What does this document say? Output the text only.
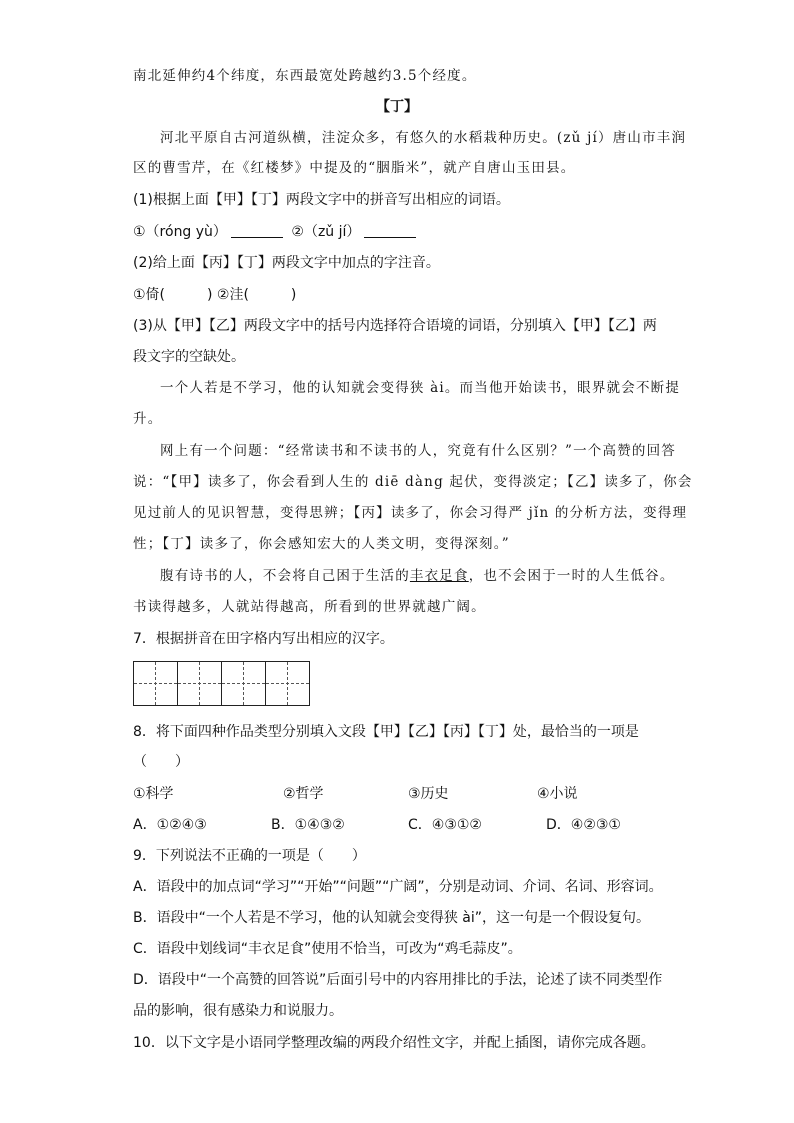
南北延伸约4个纬度，东西最宽处跨越约3.5个经度。
【丁】
河北平原自古河道纵横，洼淀众多，有悠久的水稻栽种历史。(zǔ jí）唐山市丰润
区的曹雪芹，在《红楼梦》中提及的“胭脂米”，就产自唐山玉田县。
(1)根据上面【甲】【丁】两段文字中的拼音写出相应的词语。
①（róng yù）	②（zǔ jí）
(2)给上面【丙】【丁】两段文字中加点的字注音。
①倚(　　　) ②洼(　　　)
(3)从【甲】【乙】两段文字中的括号内选择符合语境的词语，分别填入【甲】【乙】两
段文字的空缺处。
一个人若是不学习，他的认知就会变得狭 ài。而当他开始读书，眼界就会不断提
升。
网上有一个问题：“经常读书和不读书的人，究竟有什么区别？”一个高赞的回答
说：“【甲】读多了，你会看到人生的 diē dàng 起伏，变得淡定；【乙】读多了，你会
见过前人的见识智慧，变得思辨；【丙】读多了，你会习得严 jǐn 的分析方法，变得理
性；【丁】读多了，你会感知宏大的人类文明，变得深刻。”
腹有诗书的人，不会将自己困于生活的丰衣足食，也不会困于一时的人生低谷。
书读得越多，人就站得越高，所看到的世界就越广阔。
7．根据拼音在田字格内写出相应的汉字。
8．将下面四种作品类型分别填入文段【甲】【乙】【丙】【丁】处，最恰当的一项是
（　　）
①科学	②哲学	③历史	④小说
A．①②④③	B．①④③②	C．④③①②	D．④②③①
9．下列说法不正确的一项是（　　）
A．语段中的加点词“学习”“开始”“问题”“广阔”，分别是动词、介词、名词、形容词。
B．语段中“一个人若是不学习，他的认知就会变得狭 ài”，这一句是一个假设复句。
C．语段中划线词“丰衣足食”使用不恰当，可改为“鸡毛蒜皮”。
D．语段中“一个高赞的回答说”后面引号中的内容用排比的手法，论述了读不同类型作
品的影响，很有感染力和说服力。
10．以下文字是小语同学整理改编的两段介绍性文字，并配上插图，请你完成各题。
